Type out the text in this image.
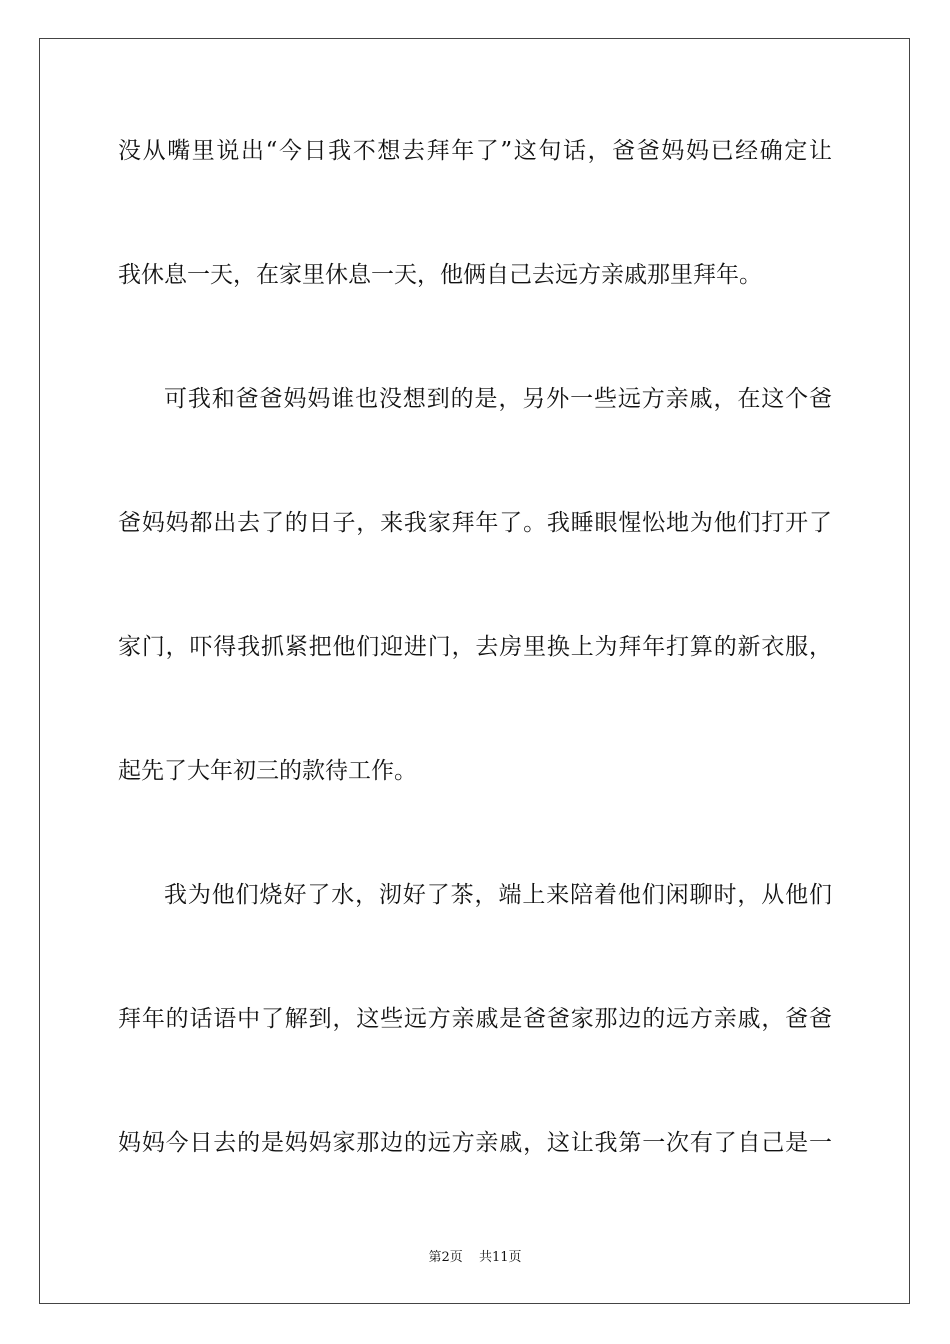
没从嘴里说出“今日我不想去拜年了”这句话，爸爸妈妈已经确定让
我休息一天，在家里休息一天，他俩自己去远方亲戚那里拜年。
可我和爸爸妈妈谁也没想到的是，另外一些远方亲戚，在这个爸
爸妈妈都出去了的日子，来我家拜年了。我睡眼惺忪地为他们打开了
家门，吓得我抓紧把他们迎进门，去房里换上为拜年打算的新衣服，
起先了大年初三的款待工作。
我为他们烧好了水，沏好了茶，端上来陪着他们闲聊时，从他们
拜年的话语中了解到，这些远方亲戚是爸爸家那边的远方亲戚，爸爸
妈妈今日去的是妈妈家那边的远方亲戚，这让我第一次有了自己是一
第2页 共11页
